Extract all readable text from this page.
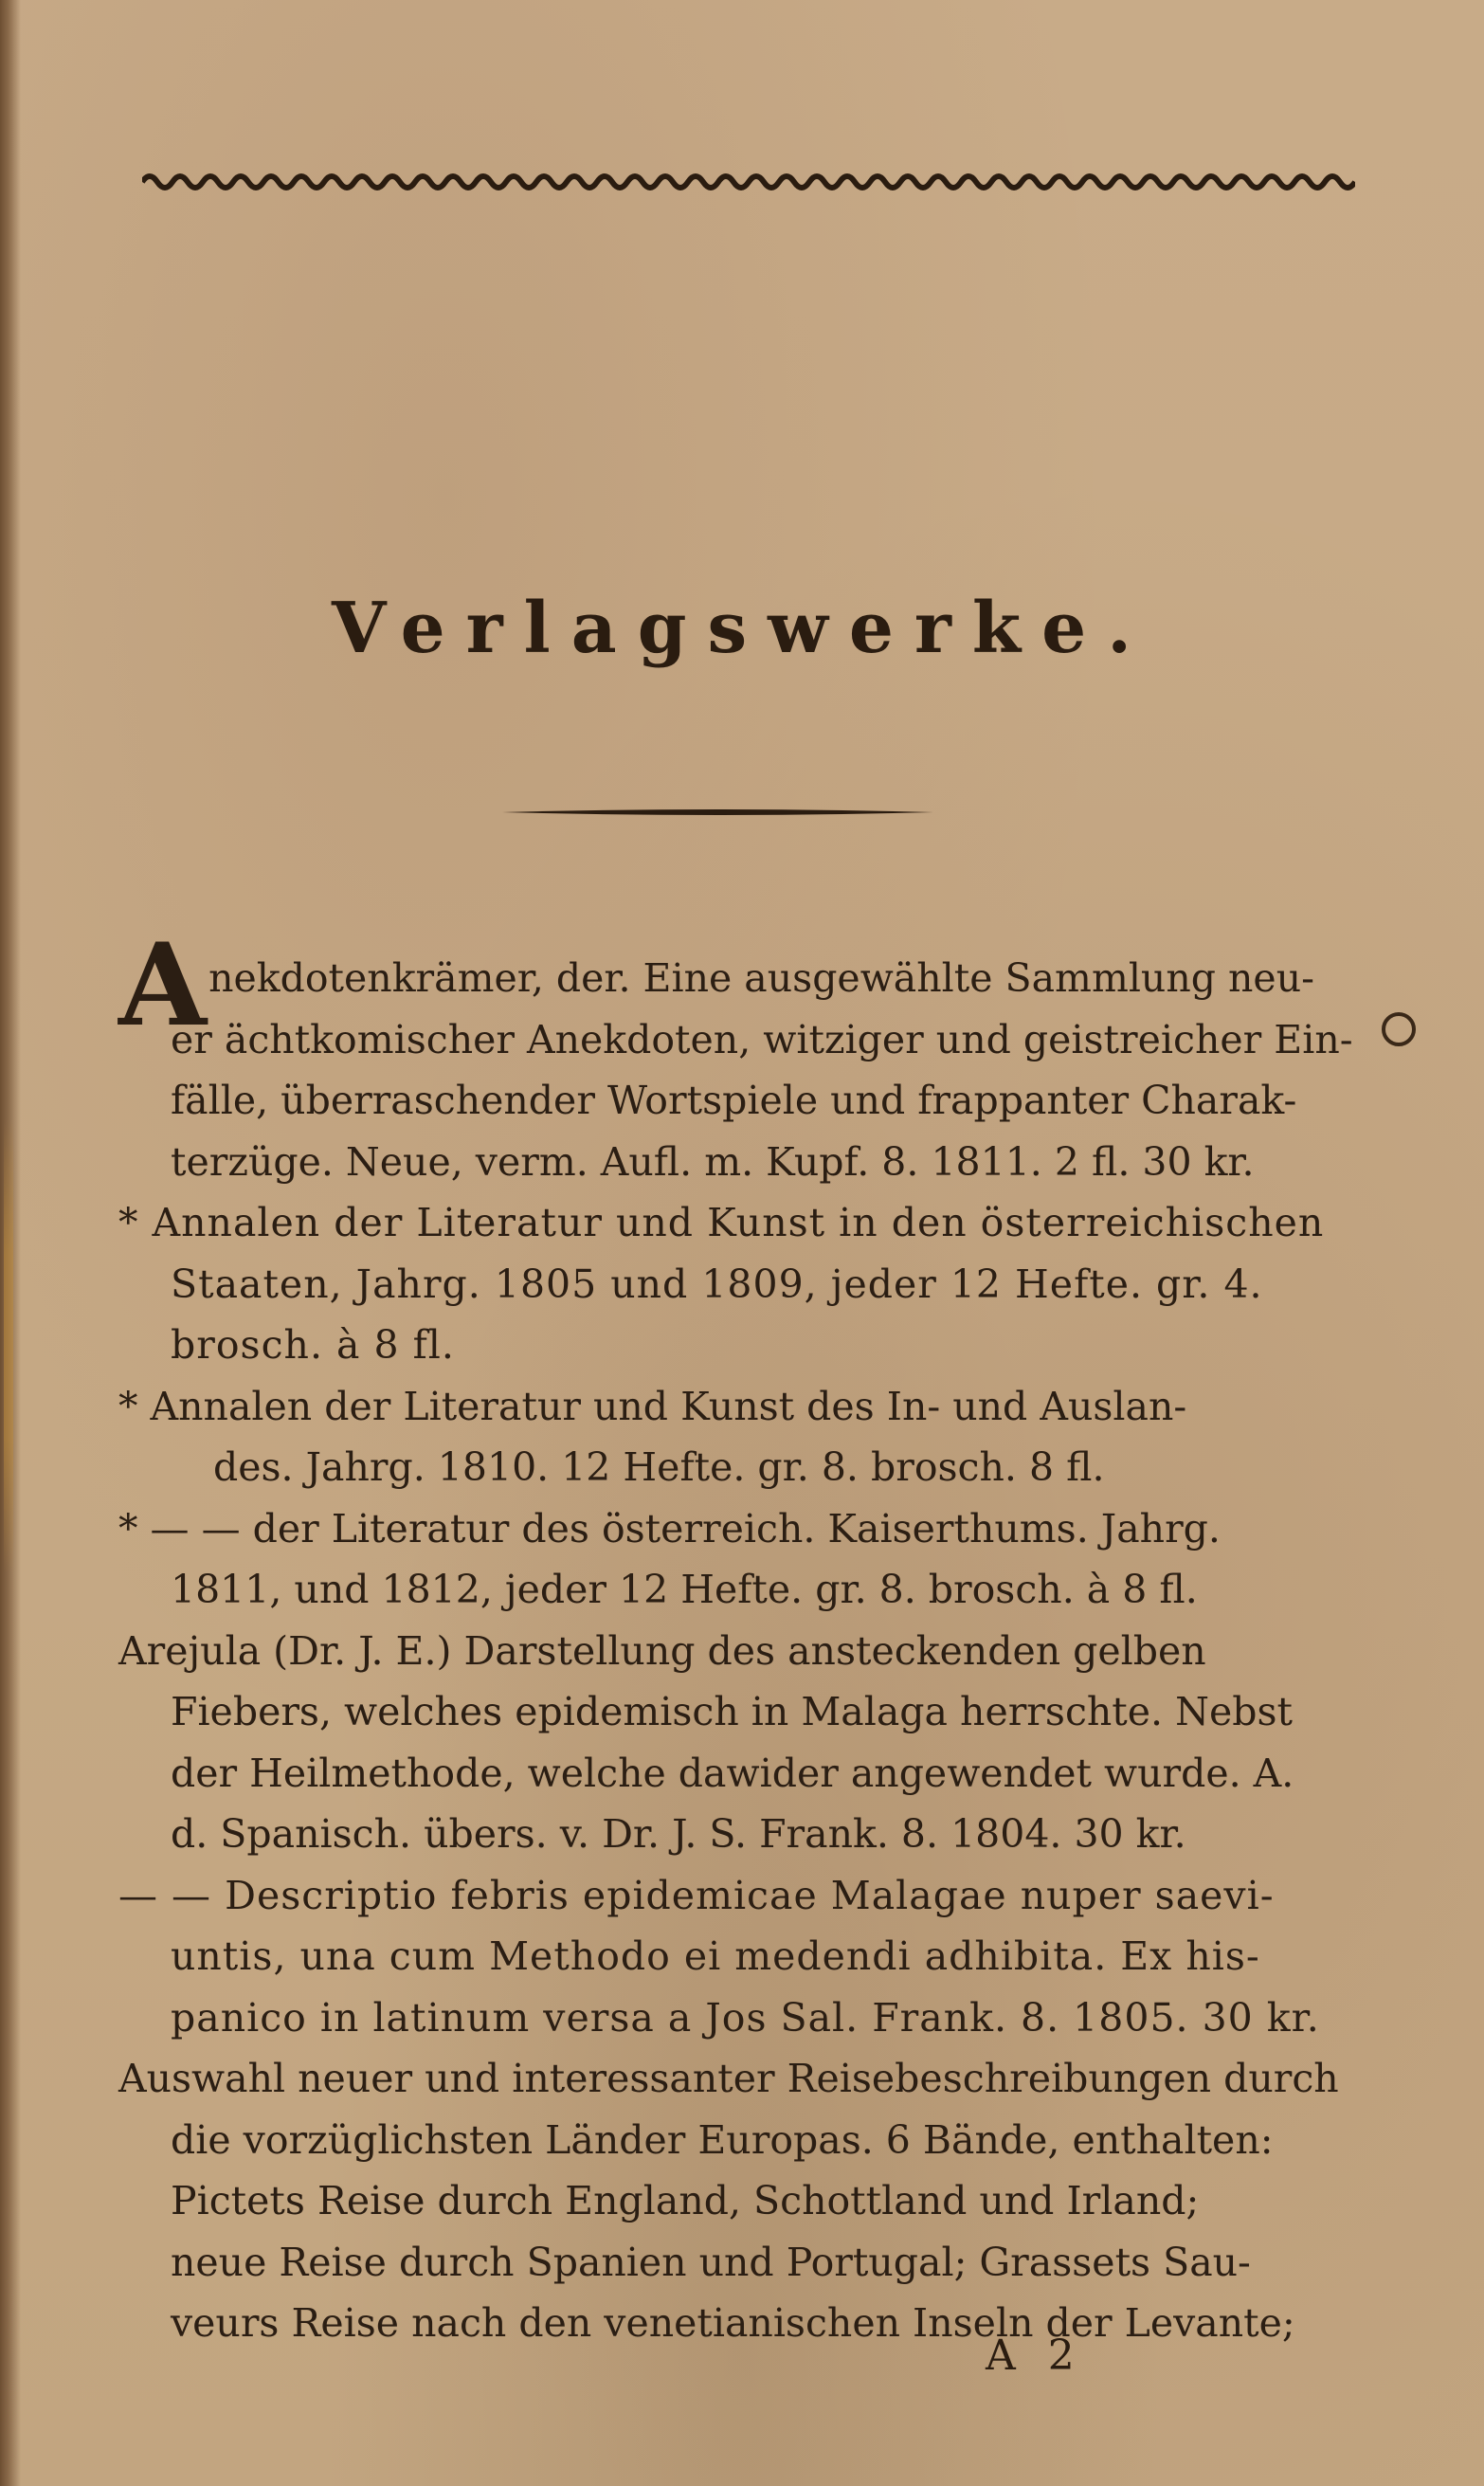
Verlagswerke.
Anekdotenkrämer, der. Eine ausgewählte Sammlung neu-
er ächtkomischer Anekdoten, witziger und geistreicher Ein-
fälle, überraschender Wortspiele und frappanter Charak-
terzüge. Neue, verm. Aufl. m. Kupf. 8. 1811. 2 fl. 30 kr.
* Annalen der Literatur und Kunst in den österreichischen
Staaten, Jahrg. 1805 und 1809, jeder 12 Hefte. gr. 4.
brosch. à 8 fl.
* Annalen der Literatur und Kunst des In- und Auslan-
des. Jahrg. 1810. 12 Hefte. gr. 8. brosch. 8 fl.
* — — der Literatur des österreich. Kaiserthums. Jahrg.
1811, und 1812, jeder 12 Hefte. gr. 8. brosch. à 8 fl.
Arejula (Dr. J. E.) Darstellung des ansteckenden gelben
Fiebers, welches epidemisch in Malaga herrschte. Nebst
der Heilmethode, welche dawider angewendet wurde. A.
d. Spanisch. übers. v. Dr. J. S. Frank. 8. 1804. 30 kr.
— — Descriptio febris epidemicae Malagae nuper saevi-
untis, una cum Methodo ei medendi adhibita. Ex his-
panico in latinum versa a Jos Sal. Frank. 8. 1805. 30 kr.
Auswahl neuer und interessanter Reisebeschreibungen durch
die vorzüglichsten Länder Europas. 6 Bände, enthalten:
Pictets Reise durch England, Schottland und Irland;
neue Reise durch Spanien und Portugal; Grassets Sau-
veurs Reise nach den venetianischen Inseln der Levante;
A 2
